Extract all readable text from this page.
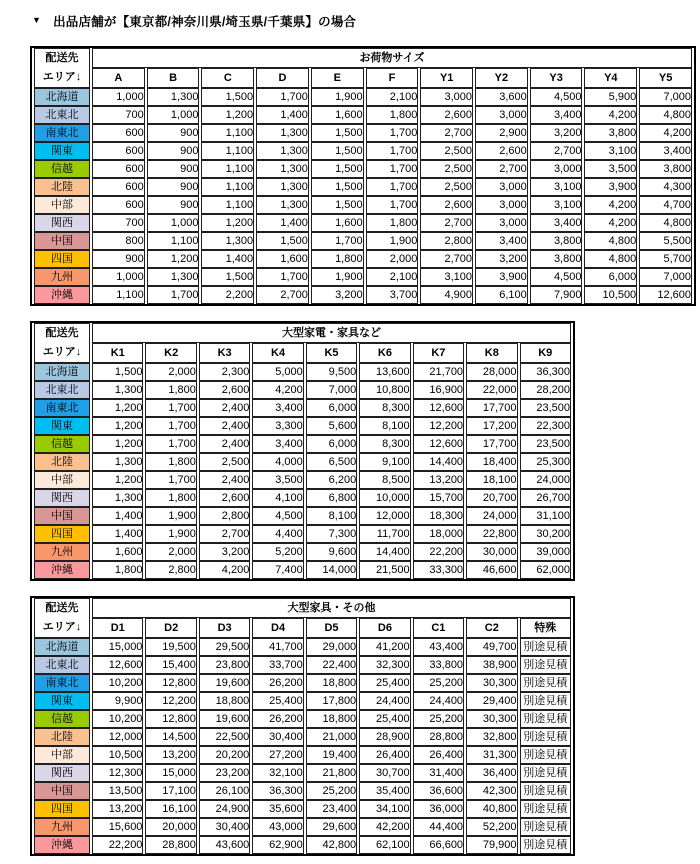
▼ 出品店舗が【東京都/神奈川県/埼玉県/千葉県】の場合
配送先
エリア↓	お荷物サイズ										
	A	B	C	D	E	F	Y1	Y2	Y3	Y4	Y5
北海道	1,000	1,300	1,500	1,700	1,900	2,100	3,000	3,600	4,500	5,900	7,000
北東北	700	1,000	1,200	1,400	1,600	1,800	2,600	3,000	3,400	4,200	4,800
南東北	600	900	1,100	1,300	1,500	1,700	2,700	2,900	3,200	3,800	4,200
関東	600	900	1,100	1,300	1,500	1,700	2,500	2,600	2,700	3,100	3,400
信越	600	900	1,100	1,300	1,500	1,700	2,500	2,700	3,000	3,500	3,800
北陸	600	900	1,100	1,300	1,500	1,700	2,500	3,000	3,100	3,900	4,300
中部	600	900	1,100	1,300	1,500	1,700	2,600	3,000	3,100	4,200	4,700
関西	700	1,000	1,200	1,400	1,600	1,800	2,700	3,000	3,400	4,200	4,800
中国	800	1,100	1,300	1,500	1,700	1,900	2,800	3,400	3,800	4,800	5,500
四国	900	1,200	1,400	1,600	1,800	2,000	2,700	3,200	3,800	4,800	5,700
九州	1,000	1,300	1,500	1,700	1,900	2,100	3,100	3,900	4,500	6,000	7,000
沖縄	1,100	1,700	2,200	2,700	3,200	3,700	4,900	6,100	7,900	10,500	12,600
配送先
エリア↓	大型家電・家具など								
	K1	K2	K3	K4	K5	K6	K7	K8	K9
北海道	1,500	2,000	2,300	5,000	9,500	13,600	21,700	28,000	36,300
北東北	1,300	1,800	2,600	4,200	7,000	10,800	16,900	22,000	28,200
南東北	1,200	1,700	2,400	3,400	6,000	8,300	12,600	17,700	23,500
関東	1,200	1,700	2,400	3,300	5,600	8,100	12,200	17,200	22,300
信越	1,200	1,700	2,400	3,400	6,000	8,300	12,600	17,700	23,500
北陸	1,300	1,800	2,500	4,000	6,500	9,100	14,400	18,400	25,300
中部	1,200	1,700	2,400	3,500	6,200	8,500	13,200	18,100	24,000
関西	1,300	1,800	2,600	4,100	6,800	10,000	15,700	20,700	26,700
中国	1,400	1,900	2,800	4,500	8,100	12,000	18,300	24,000	31,100
四国	1,400	1,900	2,700	4,400	7,300	11,700	18,000	22,800	30,200
九州	1,600	2,000	3,200	5,200	9,600	14,400	22,200	30,000	39,000
沖縄	1,800	2,800	4,200	7,400	14,000	21,500	33,300	46,600	62,000
配送先
エリア↓	大型家具・その他								
	D1	D2	D3	D4	D5	D6	C1	C2	特殊
北海道	15,000	19,500	29,500	41,700	29,000	41,200	43,400	49,700	別途見積
北東北	12,600	15,400	23,800	33,700	22,400	32,300	33,800	38,900	別途見積
南東北	10,200	12,800	19,600	26,200	18,800	25,400	25,200	30,300	別途見積
関東	9,900	12,200	18,800	25,400	17,800	24,400	24,400	29,400	別途見積
信越	10,200	12,800	19,600	26,200	18,800	25,400	25,200	30,300	別途見積
北陸	12,000	14,500	22,500	30,400	21,000	28,900	28,800	32,800	別途見積
中部	10,500	13,200	20,200	27,200	19,400	26,400	26,400	31,300	別途見積
関西	12,300	15,000	23,200	32,100	21,800	30,700	31,400	36,400	別途見積
中国	13,500	17,100	26,100	36,300	25,200	35,400	36,600	42,300	別途見積
四国	13,200	16,100	24,900	35,600	23,400	34,100	36,000	40,800	別途見積
九州	15,600	20,000	30,400	43,000	29,600	42,200	44,400	52,200	別途見積
沖縄	22,200	28,800	43,600	62,900	42,800	62,100	66,600	79,900	別途見積
